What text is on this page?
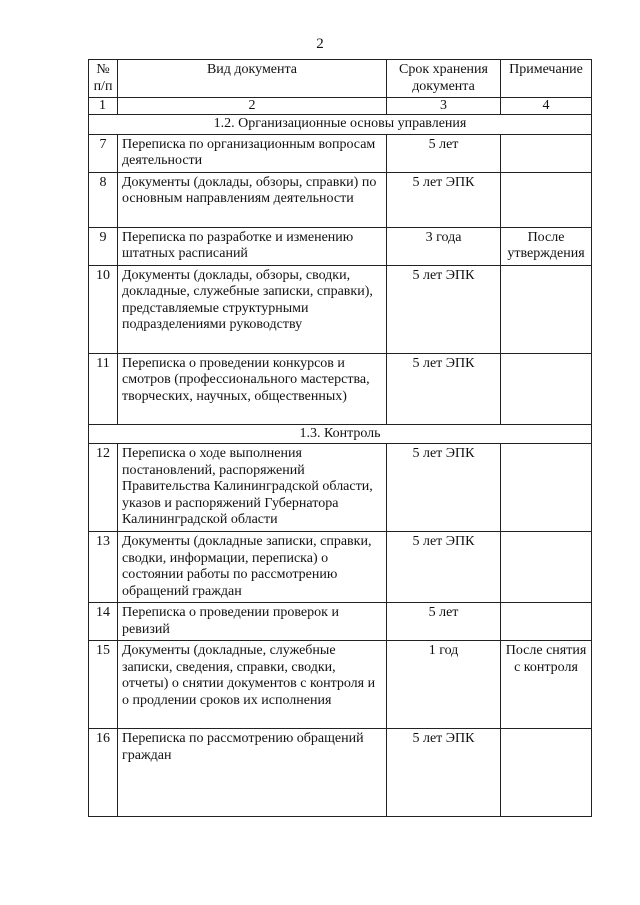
2
№ п/п	Вид документа	Срок хранения документа	Примечание
1	2	3	4
1.2. Организационные основы управления			
7	Переписка по организационным вопросам деятельности	5 лет	
8	Документы (доклады, обзоры, справки) по основным направлениям деятельности	5 лет ЭПК	
9	Переписка по разработке и изменению штатных расписаний	3 года	После утверждения
10	Документы (доклады, обзоры, сводки, докладные, служебные записки, справки), представляемые структурными подразделениями руководству	5 лет ЭПК	
11	Переписка о проведении конкурсов и смотров (профессионального мастерства, творческих, научных, общественных)	5 лет ЭПК	
1.3. Контроль			
12	Переписка о ходе выполнения постановлений, распоряжений Правительства Калининградской области, указов и распоряжений Губернатора Калининградской области	5 лет ЭПК	
13	Документы (докладные записки, справки, сводки, информации, переписка) о состоянии работы по рассмотрению обращений граждан	5 лет ЭПК	
14	Переписка о проведении проверок и ревизий	5 лет	
15	Документы (докладные, служебные записки, сведения, справки, сводки, отчеты) о снятии документов с контроля и о продлении сроков их исполнения	1 год	После снятия с контроля
16	Переписка по рассмотрению обращений граждан	5 лет ЭПК	
